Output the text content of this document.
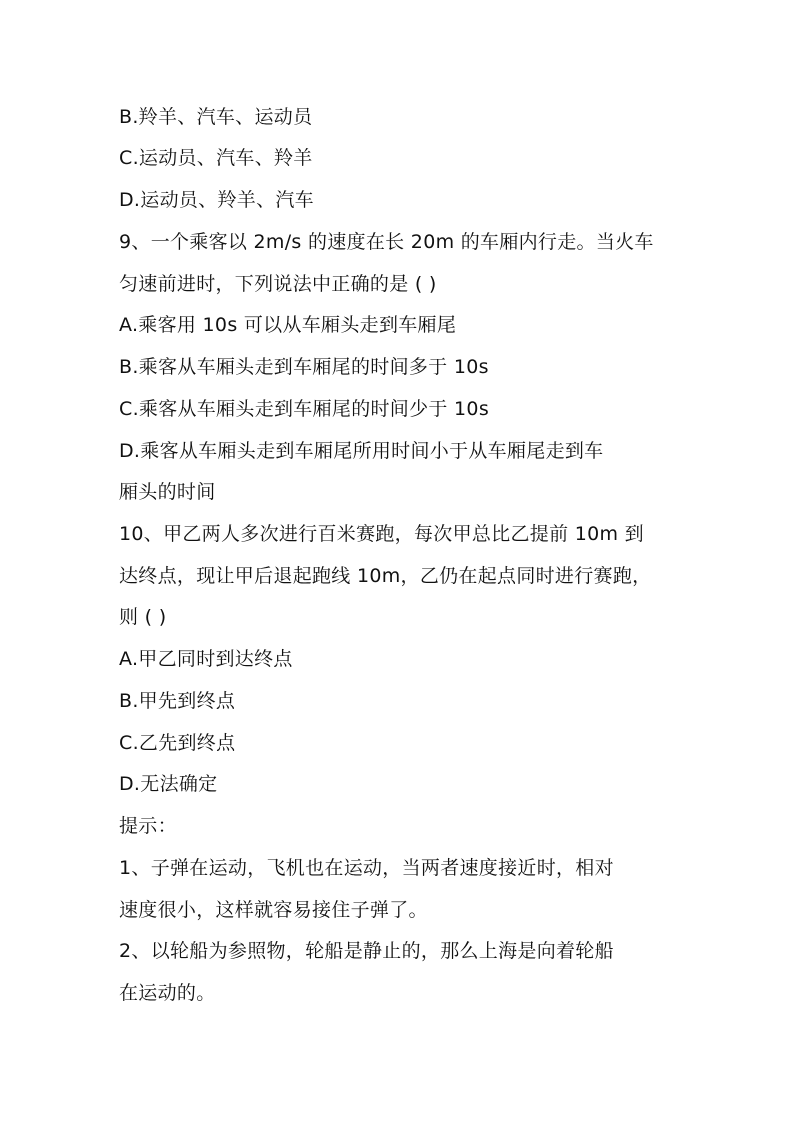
B.羚羊、汽车、运动员
C.运动员、汽车、羚羊
D.运动员、羚羊、汽车
9、一个乘客以 2m/s 的速度在长 20m 的车厢内行走。当火车
匀速前进时，下列说法中正确的是 ( )
A.乘客用 10s 可以从车厢头走到车厢尾
B.乘客从车厢头走到车厢尾的时间多于 10s
C.乘客从车厢头走到车厢尾的时间少于 10s
D.乘客从车厢头走到车厢尾所用时间小于从车厢尾走到车
厢头的时间
10、甲乙两人多次进行百米赛跑，每次甲总比乙提前 10m 到
达终点，现让甲后退起跑线 10m，乙仍在起点同时进行赛跑，
则 ( )
A.甲乙同时到达终点
B.甲先到终点
C.乙先到终点
D.无法确定
提示：
1、子弹在运动，飞机也在运动，当两者速度接近时，相对
速度很小，这样就容易接住子弹了。
2、以轮船为参照物，轮船是静止的，那么上海是向着轮船
在运动的。
